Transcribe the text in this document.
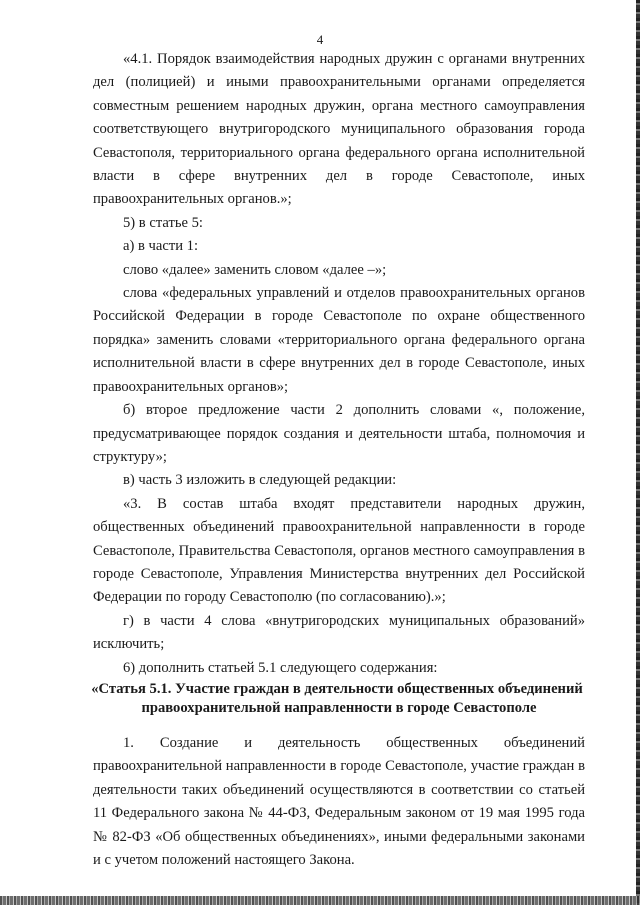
4

«4.1. Порядок взаимодействия народных дружин с органами внутренних дел (полицией) и иными правоохранительными органами определяется совместным решением народных дружин, органа местного самоуправления соответствующего внутригородского муниципального образования города Севастополя, территориального органа федерального органа исполнительной власти в сфере внутренних дел в городе Севастополе, иных правоохранительных органов.»;

5) в статье 5:

а) в части 1:

слово «далее» заменить словом «далее –»;

слова «федеральных управлений и отделов правоохранительных органов Российской Федерации в городе Севастополе по охране общественного порядка» заменить словами «территориального органа федерального органа исполнительной власти в сфере внутренних дел в городе Севастополе, иных правоохранительных органов»;

б) второе предложение части 2 дополнить словами «, положение, предусматривающее порядок создания и деятельности штаба, полномочия и структуру»;

в) часть 3 изложить в следующей редакции:

«3. В состав штаба входят представители народных дружин, общественных объединений правоохранительной направленности в городе Севастополе, Правительства Севастополя, органов местного самоуправления в городе Севастополе, Управления Министерства внутренних дел Российской Федерации по городу Севастополю (по согласованию).»;

г) в части 4 слова «внутригородских муниципальных образований» исключить;

6) дополнить статьей 5.1 следующего содержания:

«Статья 5.1. Участие граждан в деятельности общественных объединений
правоохранительной направленности в городе Севастополе

1. Создание и деятельность общественных объединений правоохранительной направленности в городе Севастополе, участие граждан в деятельности таких объединений осуществляются в соответствии со статьей 11 Федерального закона № 44-ФЗ, Федеральным законом от 19 мая 1995 года № 82-ФЗ «Об общественных объединениях», иными федеральными законами и с учетом положений настоящего Закона.
